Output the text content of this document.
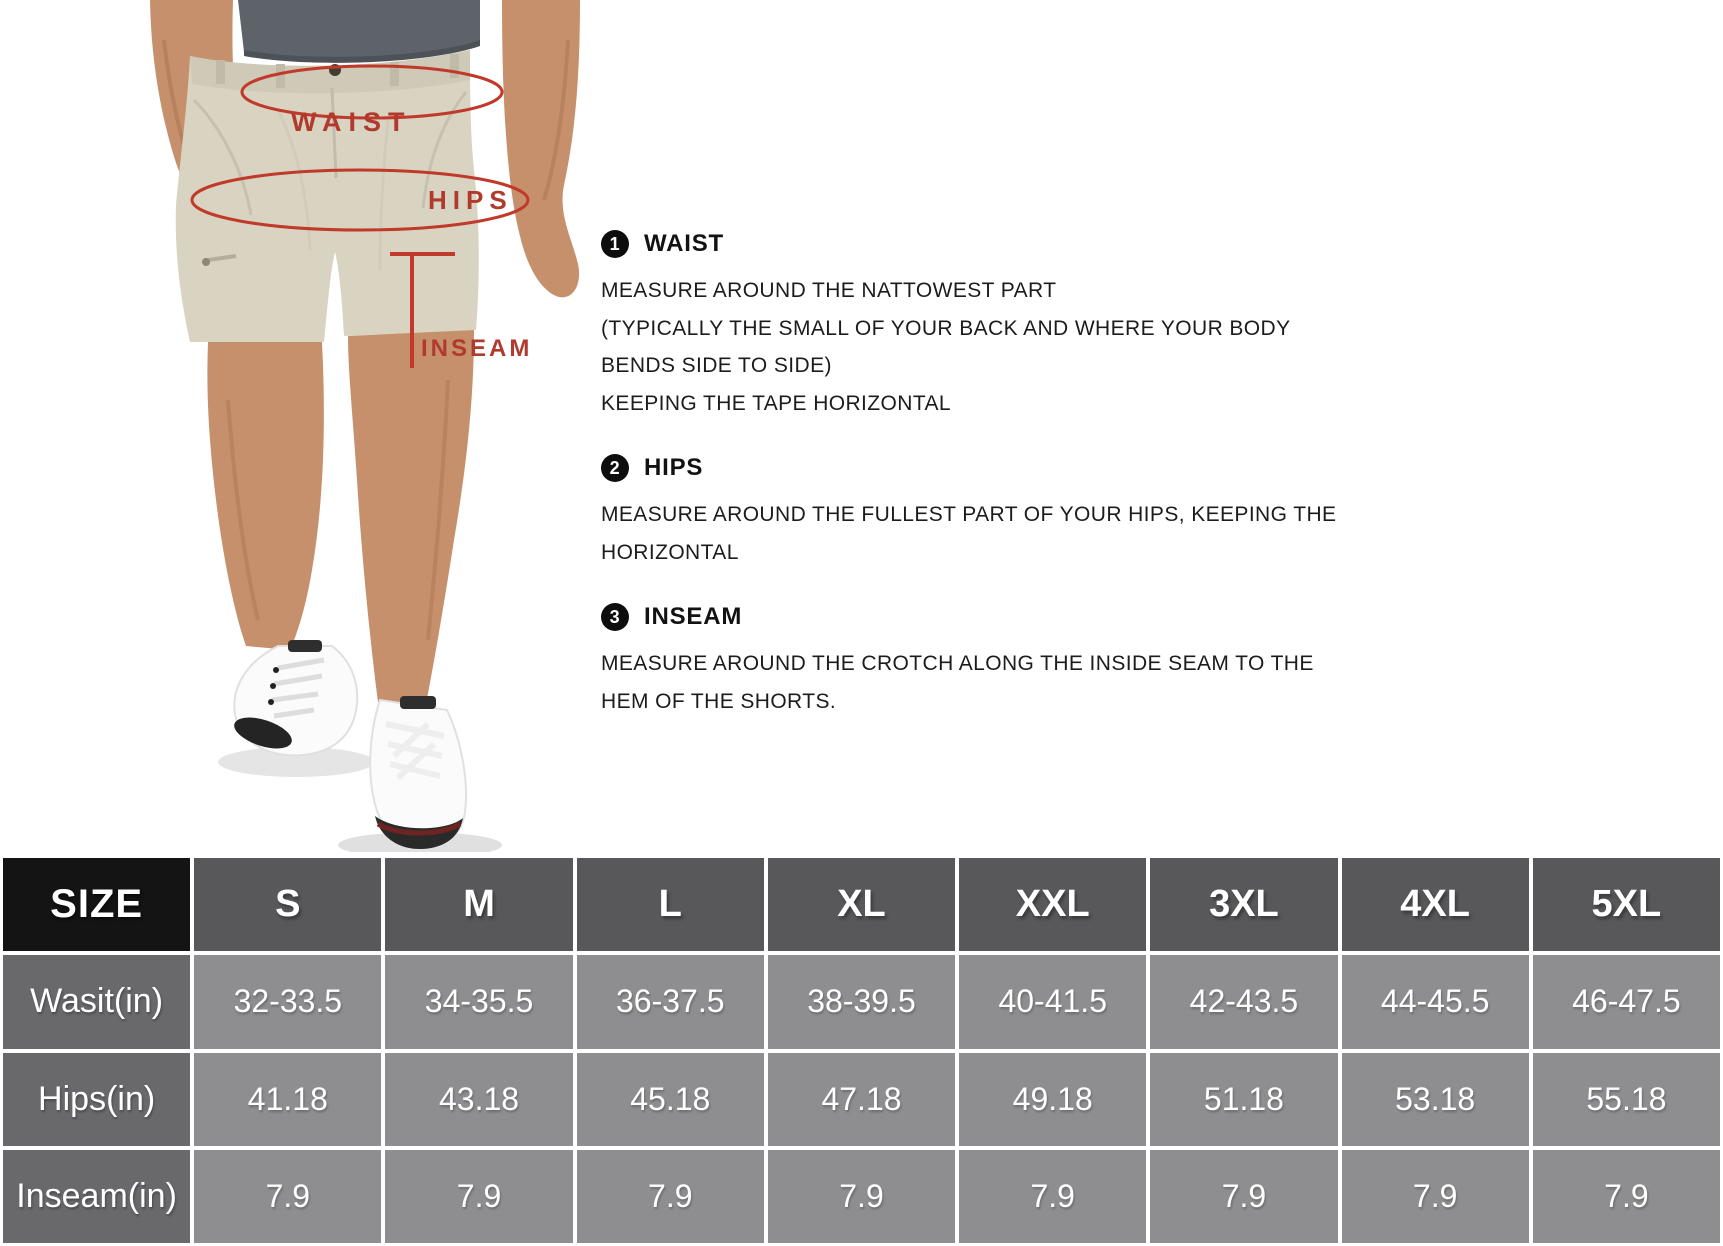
WAIST
HIPS
INSEAM
1 WAIST

MEASURE AROUND THE NATTOWEST PART

(TYPICALLY THE SMALL OF YOUR BACK AND WHERE YOUR BODY

BENDS SIDE TO SIDE)

KEEPING THE TAPE HORIZONTAL

2 HIPS

MEASURE AROUND THE FULLEST PART OF YOUR HIPS, KEEPING THE

HORIZONTAL

3 INSEAM

MEASURE AROUND THE CROTCH ALONG THE INSIDE SEAM TO THE

HEM OF THE SHORTS.

SIZE	S	M	L	XL	XXL	3XL	4XL	5XL
Wasit(in)	32-33.5	34-35.5	36-37.5	38-39.5	40-41.5	42-43.5	44-45.5	46-47.5
Hips(in)	41.18	43.18	45.18	47.18	49.18	51.18	53.18	55.18
Inseam(in)	7.9	7.9	7.9	7.9	7.9	7.9	7.9	7.9
